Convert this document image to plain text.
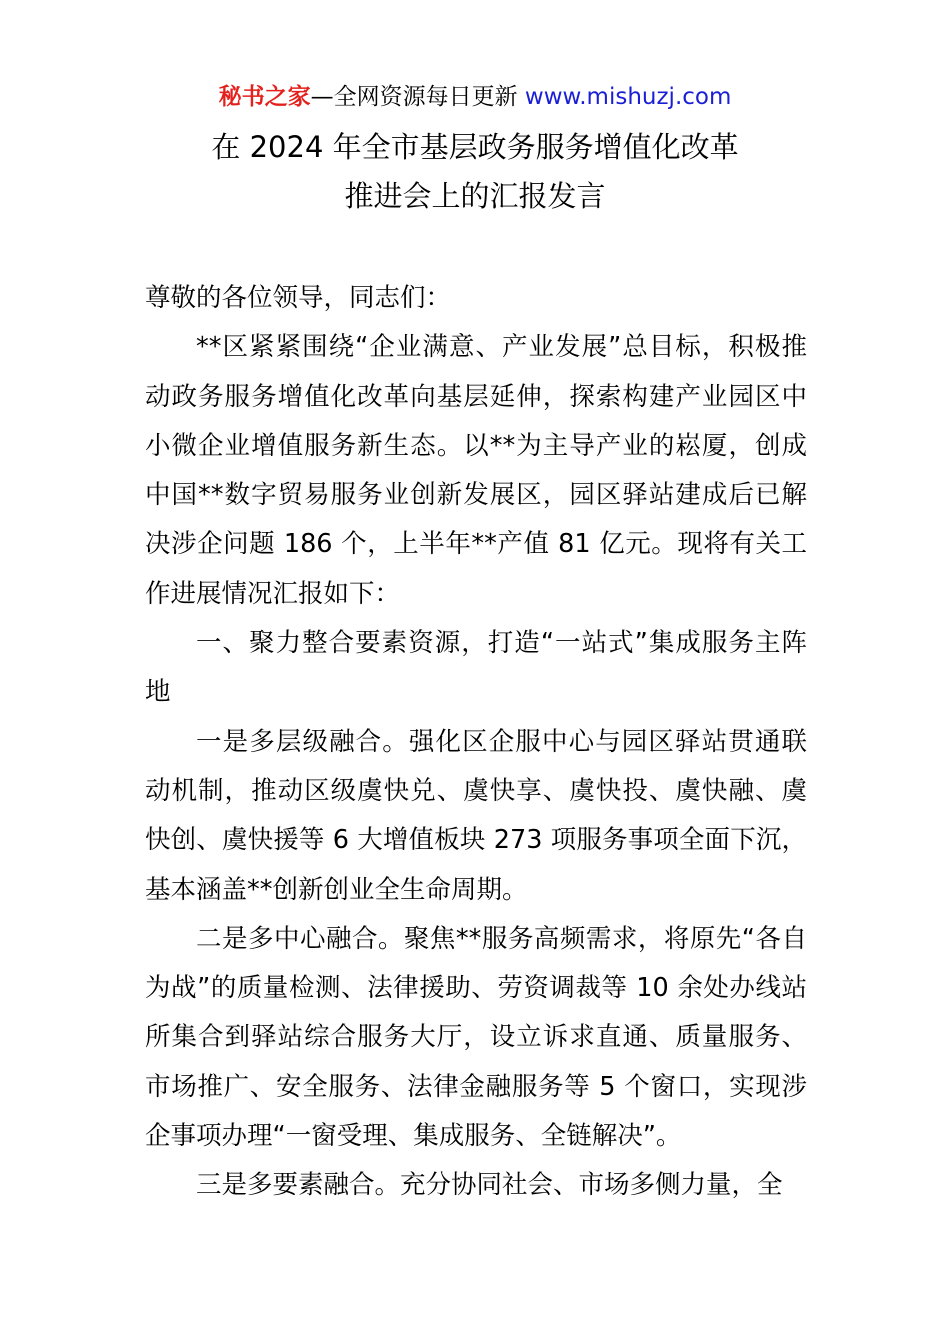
秘书之家—全网资源每日更新 www.mishuzj.com
在 2024 年全市基层政务服务增值化改革
推进会上的汇报发言

尊敬的各位领导，同志们：

**区紧紧围绕“企业满意、产业发展”总目标，积极推动政务服务增值化改革向基层延伸，探索构建产业园区中小微企业增值服务新生态。以**为主导产业的崧厦，创成中国**数字贸易服务业创新发展区，园区驿站建成后已解决涉企问题 186 个，上半年**产值 81 亿元。现将有关工作进展情况汇报如下：

一、聚力整合要素资源，打造“一站式”集成服务主阵地

一是多层级融合。强化区企服中心与园区驿站贯通联动机制，推动区级虞快兑、虞快享、虞快投、虞快融、虞快创、虞快援等 6 大增值板块 273 项服务事项全面下沉，基本涵盖**创新创业全生命周期。

二是多中心融合。聚焦**服务高频需求，将原先“各自为战”的质量检测、法律援助、劳资调裁等 10 余处办线站所集合到驿站综合服务大厅，设立诉求直通、质量服务、市场推广、安全服务、法律金融服务等 5 个窗口，实现涉企事项办理“一窗受理、集成服务、全链解决”。

三是多要素融合。充分协同社会、市场多侧力量，全
